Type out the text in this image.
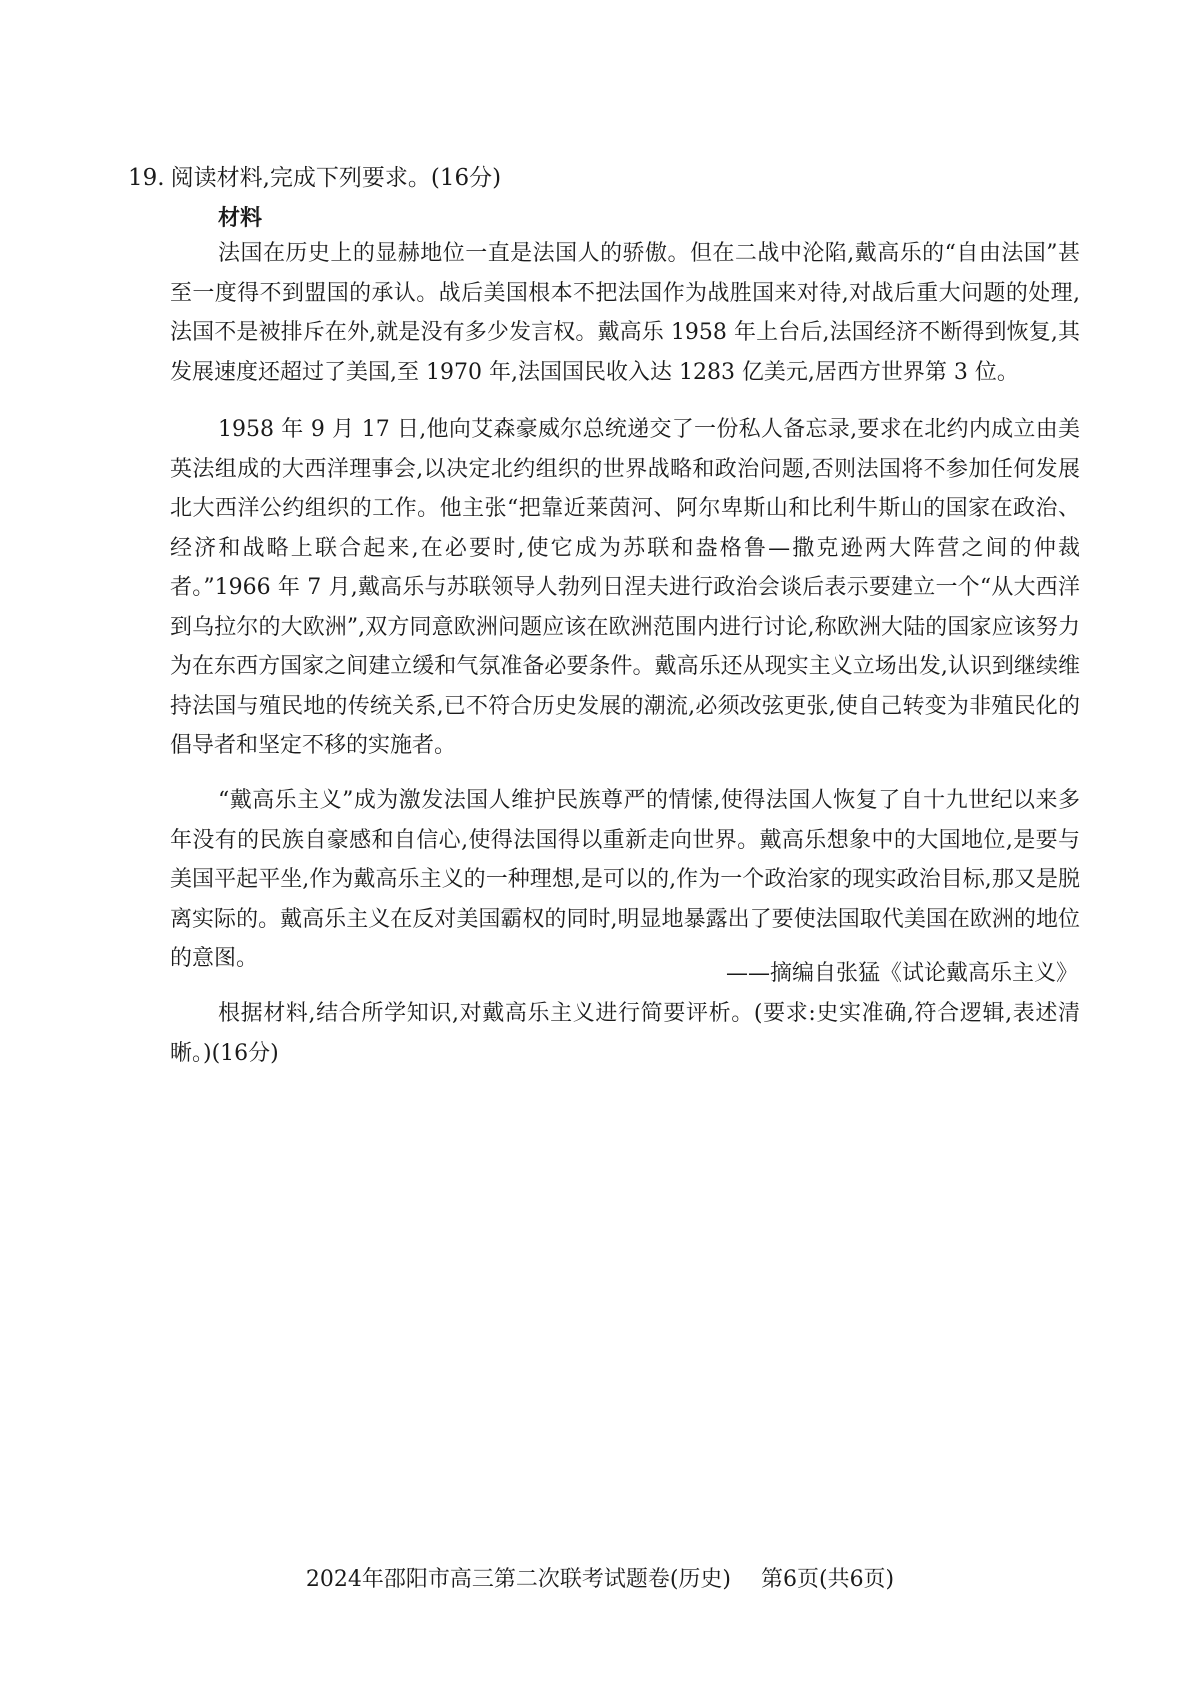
19. 阅读材料,完成下列要求。(16分)
材料

法国在历史上的显赫地位一直是法国人的骄傲。但在二战中沦陷,戴高乐的“自由法国”甚至一度得不到盟国的承认。战后美国根本不把法国作为战胜国来对待,对战后重大问题的处理,法国不是被排斥在外,就是没有多少发言权。戴高乐 1958 年上台后,法国经济不断得到恢复,其发展速度还超过了美国,至 1970 年,法国国民收入达 1283 亿美元,居西方世界第 3 位。

1958 年 9 月 17 日,他向艾森豪威尔总统递交了一份私人备忘录,要求在北约内成立由美英法组成的大西洋理事会,以决定北约组织的世界战略和政治问题,否则法国将不参加任何发展北大西洋公约组织的工作。他主张“把靠近莱茵河、阿尔卑斯山和比利牛斯山的国家在政治、经济和战略上联合起来,在必要时,使它成为苏联和盎格鲁—撒克逊两大阵营之间的仲裁者。”1966 年 7 月,戴高乐与苏联领导人勃列日涅夫进行政治会谈后表示要建立一个“从大西洋到乌拉尔的大欧洲”,双方同意欧洲问题应该在欧洲范围内进行讨论,称欧洲大陆的国家应该努力为在东西方国家之间建立缓和气氛准备必要条件。戴高乐还从现实主义立场出发,认识到继续维持法国与殖民地的传统关系,已不符合历史发展的潮流,必须改弦更张,使自己转变为非殖民化的倡导者和坚定不移的实施者。

“戴高乐主义”成为激发法国人维护民族尊严的情愫,使得法国人恢复了自十九世纪以来多年没有的民族自豪感和自信心,使得法国得以重新走向世界。戴高乐想象中的大国地位,是要与美国平起平坐,作为戴高乐主义的一种理想,是可以的,作为一个政治家的现实政治目标,那又是脱离实际的。戴高乐主义在反对美国霸权的同时,明显地暴露出了要使法国取代美国在欧洲的地位的意图。

——摘编自张猛《试论戴高乐主义》

根据材料,结合所学知识,对戴高乐主义进行简要评析。(要求:史实准确,符合逻辑,表述清晰。)(16分)

2024年邵阳市高三第二次联考试题卷(历史) 第6页(共6页)
